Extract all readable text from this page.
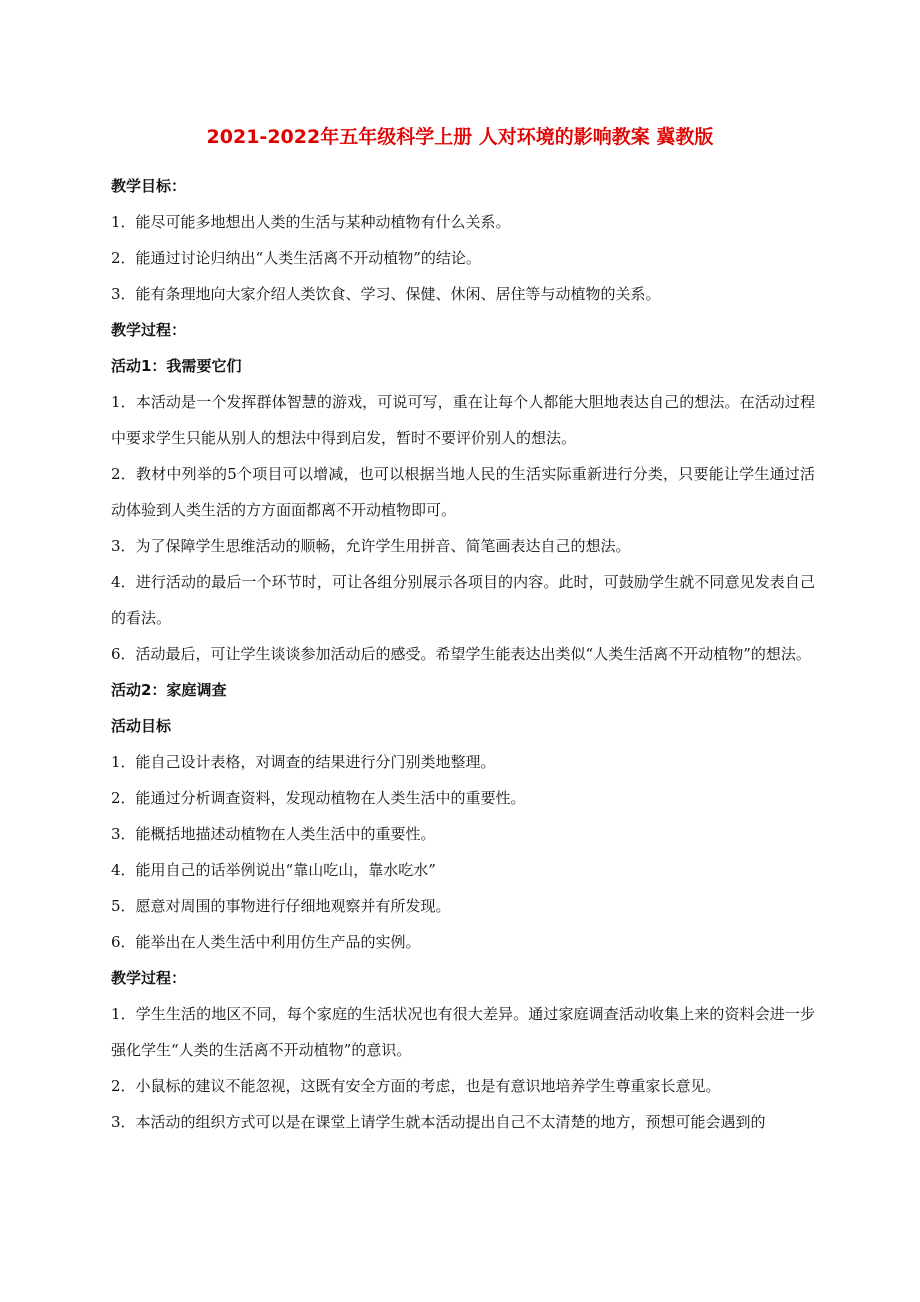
2021-2022年五年级科学上册 人对环境的影响教案 冀教版
教学目标：
1．能尽可能多地想出人类的生活与某种动植物有什么关系。
2．能通过讨论归纳出“人类生活离不开动植物”的结论。
3．能有条理地向大家介绍人类饮食、学习、保健、休闲、居住等与动植物的关系。
教学过程：
活动1：我需要它们
1．本活动是一个发挥群体智慧的游戏，可说可写，重在让每个人都能大胆地表达自己的想法。在活动过程中要求学生只能从别人的想法中得到启发，暂时不要评价别人的想法。
2．教材中列举的5个项目可以增减，也可以根据当地人民的生活实际重新进行分类，只要能让学生通过活动体验到人类生活的方方面面都离不开动植物即可。
3．为了保障学生思维活动的顺畅，允许学生用拼音、简笔画表达自己的想法。
4．进行活动的最后一个环节时，可让各组分别展示各项目的内容。此时，可鼓励学生就不同意见发表自己的看法。
6．活动最后，可让学生谈谈参加活动后的感受。希望学生能表达出类似“人类生活离不开动植物”的想法。
活动2：家庭调查
活动目标
1．能自己设计表格，对调查的结果进行分门别类地整理。
2．能通过分析调查资料，发现动植物在人类生活中的重要性。
3．能概括地描述动植物在人类生活中的重要性。
4．能用自己的话举例说出“靠山吃山，靠水吃水”
5．愿意对周围的事物进行仔细地观察并有所发现。
6．能举出在人类生活中利用仿生产品的实例。
教学过程：
1．学生生活的地区不同，每个家庭的生活状况也有很大差异。通过家庭调查活动收集上来的资料会进一步强化学生“人类的生活离不开动植物”的意识。
2．小鼠标的建议不能忽视，这既有安全方面的考虑，也是有意识地培养学生尊重家长意见。
3．本活动的组织方式可以是在课堂上请学生就本活动提出自己不太清楚的地方，预想可能会遇到的
